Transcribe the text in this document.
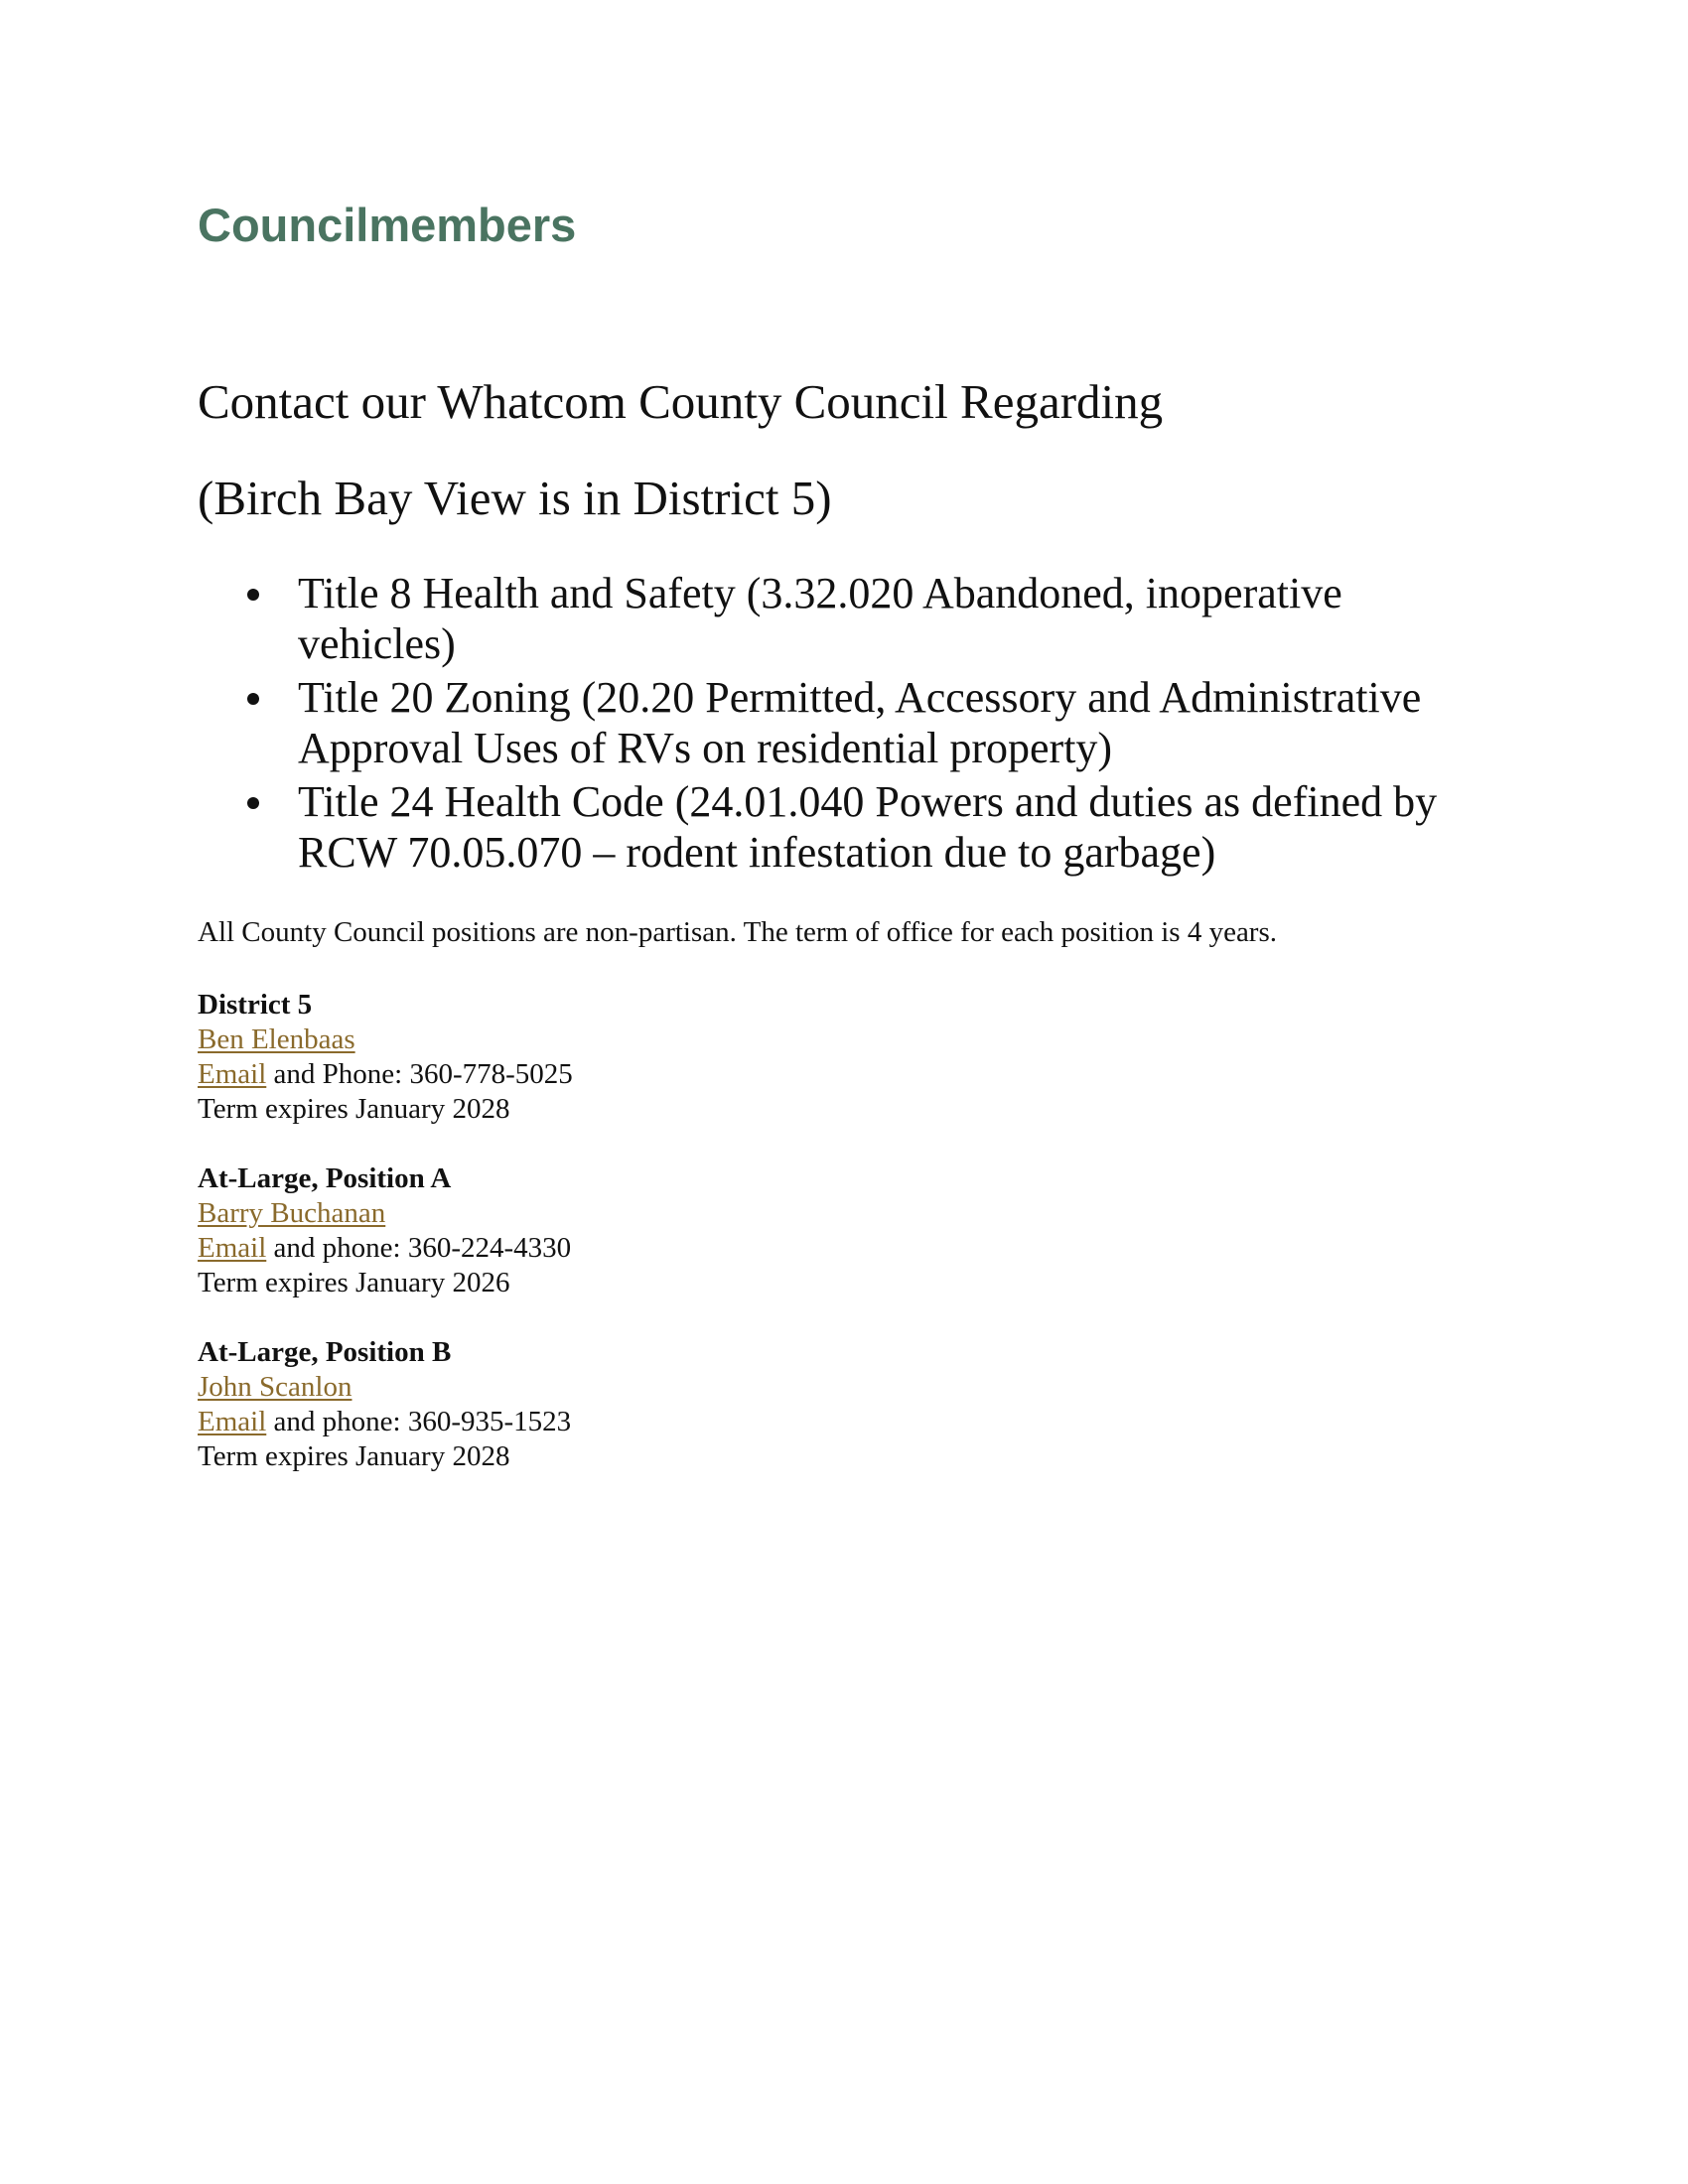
Councilmembers

Contact our Whatcom County Council Regarding

(Birch Bay View is in District 5)

Title 8 Health and Safety (3.32.020 Abandoned, inoperative vehicles)
Title 20 Zoning (20.20 Permitted, Accessory and Administrative Approval Uses of RVs on residential property)
Title 24 Health Code (24.01.040 Powers and duties as defined by RCW 70.05.070 – rodent infestation due to garbage)

All County Council positions are non-partisan. The term of office for each position is 4 years.

District 5
Ben Elenbaas
Email and Phone: 360-778-5025
Term expires January 2028
At-Large, Position A
Barry Buchanan
Email and phone: 360-224-4330
Term expires January 2026
At-Large, Position B
John Scanlon
Email and phone: 360-935-1523
Term expires January 2028
